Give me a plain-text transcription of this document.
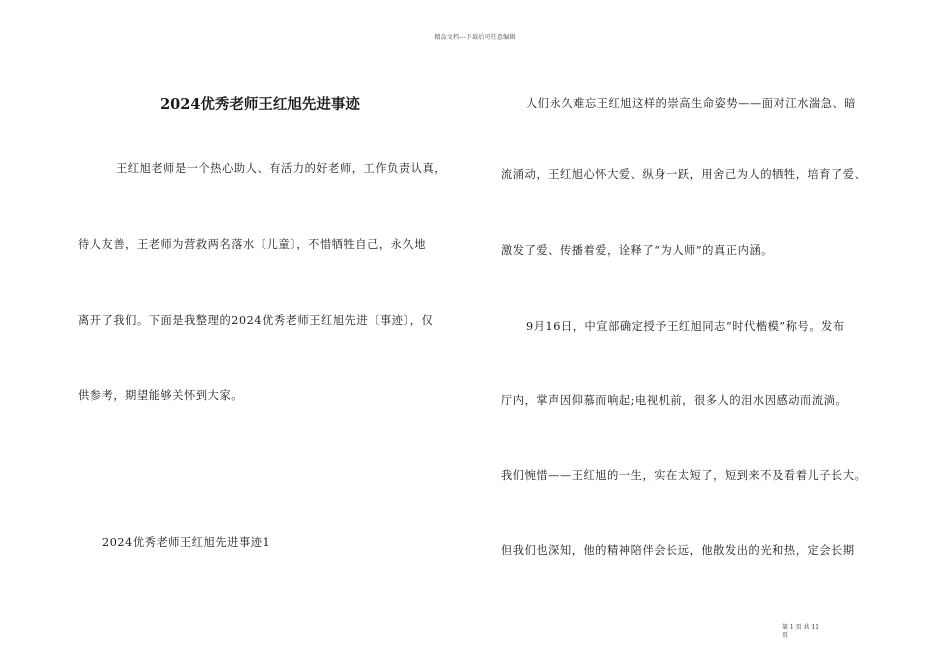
精品文档---下载后可任意编辑
2024优秀老师王红旭先进事迹
王红旭老师是一个热心助人、有活力的好老师，工作负责认真，
待人友善，王老师为营救两名落水〔儿童〕，不惜牺牲自己，永久地
离开了我们。下面是我整理的2024优秀老师王红旭先进〔事迹〕，仅
供参考，期望能够关怀到大家。
2024优秀老师王红旭先进事迹1
人们永久难忘王红旭这样的崇高生命姿势——面对江水湍急、暗
流涌动，王红旭心怀大爱、纵身一跃，用舍己为人的牺牲，培育了爱、
激发了爱、传播着爱，诠释了“为人师”的真正内涵。
9月16日，中宣部确定授予王红旭同志“时代楷模”称号。发布
厅内，掌声因仰慕而响起;电视机前，很多人的泪水因感动而流淌。
我们惋惜——王红旭的一生，实在太短了，短到来不及看着儿子长大。
但我们也深知，他的精神陪伴会长远，他散发出的光和热，定会长期
第 1 页 共 11
页
